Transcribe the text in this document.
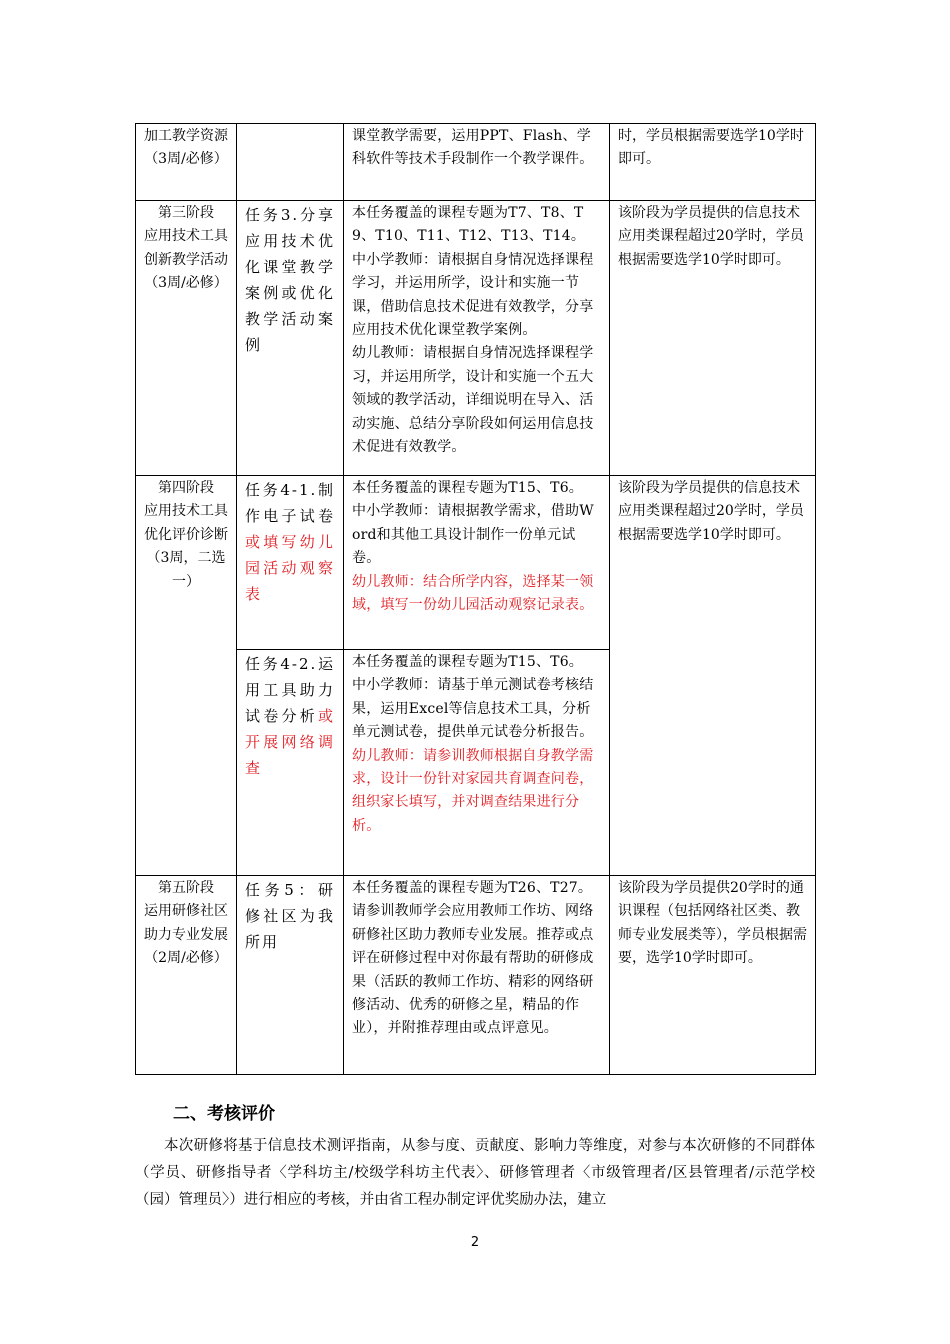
加工教学资源
（3周/必修）		课堂教学需要，运用PPT、Flash、学科软件等技术手段制作一个教学课件。	时，学员根据需要选学10学时即可。
第三阶段
应用技术工具创新教学活动（3周/必修）	任务3.分享应用技术优化课堂教学案例或优化教学活动案例	本任务覆盖的课程专题为T7、T8、T9、T10、T11、T12、T13、T14。
中小学教师：请根据自身情况选择课程学习，并运用所学，设计和实施一节课，借助信息技术促进有效教学，分享应用技术优化课堂教学案例。
幼儿教师：请根据自身情况选择课程学习，并运用所学，设计和实施一个五大领域的教学活动，详细说明在导入、活动实施、总结分享阶段如何运用信息技术促进有效教学。	该阶段为学员提供的信息技术应用类课程超过20学时，学员根据需要选学10学时即可。
第四阶段
应用技术工具优化评价诊断（3周，二选一）	任务4-1.制作电子试卷或填写幼儿园活动观察表	本任务覆盖的课程专题为T15、T6。
中小学教师：请根据教学需求，借助Word和其他工具设计制作一份单元试卷。
幼儿教师：结合所学内容，选择某一领域，填写一份幼儿园活动观察记录表。	该阶段为学员提供的信息技术应用类课程超过20学时，学员根据需要选学10学时即可。
	任务4-2.运用工具助力试卷分析或开展网络调查	本任务覆盖的课程专题为T15、T6。
中小学教师：请基于单元测试卷考核结果，运用Excel等信息技术工具，分析单元测试卷，提供单元试卷分析报告。
幼儿教师：请参训教师根据自身教学需求，设计一份针对家园共育调查问卷，组织家长填写，并对调查结果进行分析。	

第五阶段
运用研修社区助力专业发展（2周/必修）	任务5：研修社区为我所用	本任务覆盖的课程专题为T26、T27。
请参训教师学会应用教师工作坊、网络研修社区助力教师专业发展。推荐或点评在研修过程中对你最有帮助的研修成果（活跃的教师工作坊、精彩的网络研修活动、优秀的研修之星，精品的作业），并附推荐理由或点评意见。	该阶段为学员提供20学时的通识课程（包括网络社区类、教师专业发展类等），学员根据需要，选学10学时即可。
二、考核评价
本次研修将基于信息技术测评指南，从参与度、贡献度、影响力等维度，对参与本次研修的不同群体（学员、研修指导者〈学科坊主/校级学科坊主代表〉、研修管理者〈市级管理者/区县管理者/示范学校（园）管理员〉）进行相应的考核，并由省工程办制定评优奖励办法，建立
2
